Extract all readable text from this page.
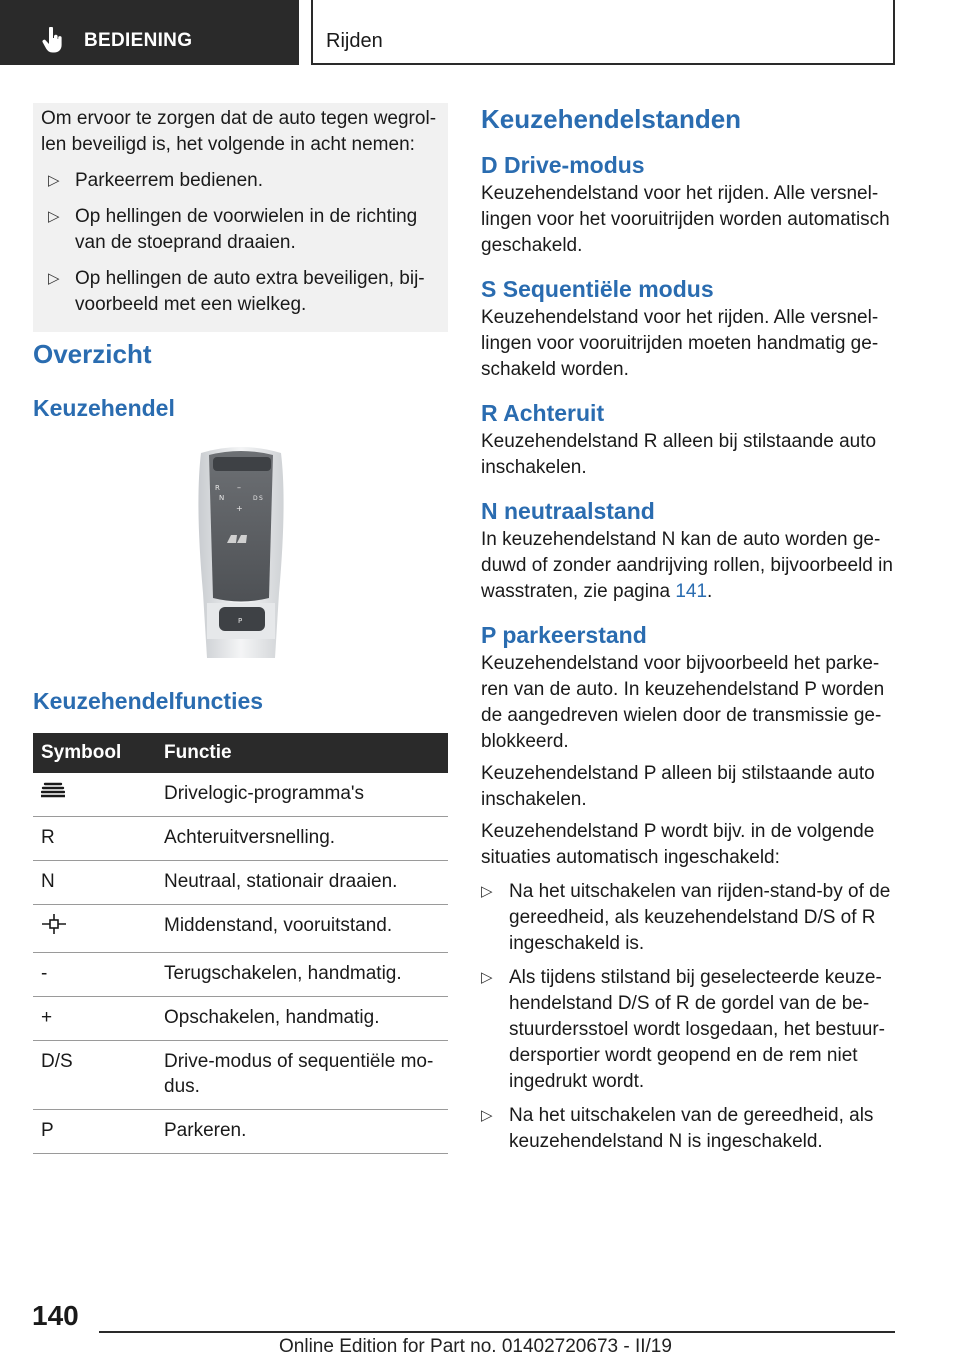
BEDIENING	Rijden

Om ervoor te zorgen dat de auto tegen wegrollen beveiligd is, het volgende in acht nemen:

▷ Parkeerrem bedienen.
▷ Op hellingen de voorwielen in de richting van de stoeprand draaien.
▷ Op hellingen de auto extra beveiligen, bijvoorbeeld met een wielkeg.
Overzicht
Keuzehendel
R –
N	D S
+
P
Keuzehendelfuncties
Symbool	Functie
	Drivelogic-programma's
R	Achteruitversnelling.
N	Neutraal, stationair draaien.
	Middenstand, vooruitstand.
-	Terugschakelen, handmatig.
+	Opschakelen, handmatig.
D/S	Drive-modus of sequentiële modus.
P	Parkeren.
Keuzehendelstanden
D Drive-modus

Keuzehendelstand voor het rijden. Alle versnellingen voor het vooruitrijden worden automatisch geschakeld.

S Sequentiële modus

Keuzehendelstand voor het rijden. Alle versnellingen voor vooruitrijden moeten handmatig geschakeld worden.

R Achteruit

Keuzehendelstand R alleen bij stilstaande auto inschakelen.

N neutraalstand

In keuzehendelstand N kan de auto worden geduwd of zonder aandrijving rollen, bijvoorbeeld in wasstraten, zie pagina 141.

P parkeerstand

Keuzehendelstand voor bijvoorbeeld het parkeren van de auto. In keuzehendelstand P worden de aangedreven wielen door de transmissie geblokkeerd.

Keuzehendelstand P alleen bij stilstaande auto inschakelen.

Keuzehendelstand P wordt bijv. in de volgende situaties automatisch ingeschakeld:

▷ Na het uitschakelen van rijden-stand-by of de gereedheid, als keuzehendelstand D/S of R ingeschakeld is.
▷ Als tijdens stilstand bij geselecteerde keuzehendelstand D/S of R de gordel van de bestuurdersstoel wordt losgedaan, het bestuurdersportier wordt geopend en de rem niet ingedrukt wordt.
▷ Na het uitschakelen van de gereedheid, als keuzehendelstand N is ingeschakeld.
140
Online Edition for Part no. 01402720673 - II/19
